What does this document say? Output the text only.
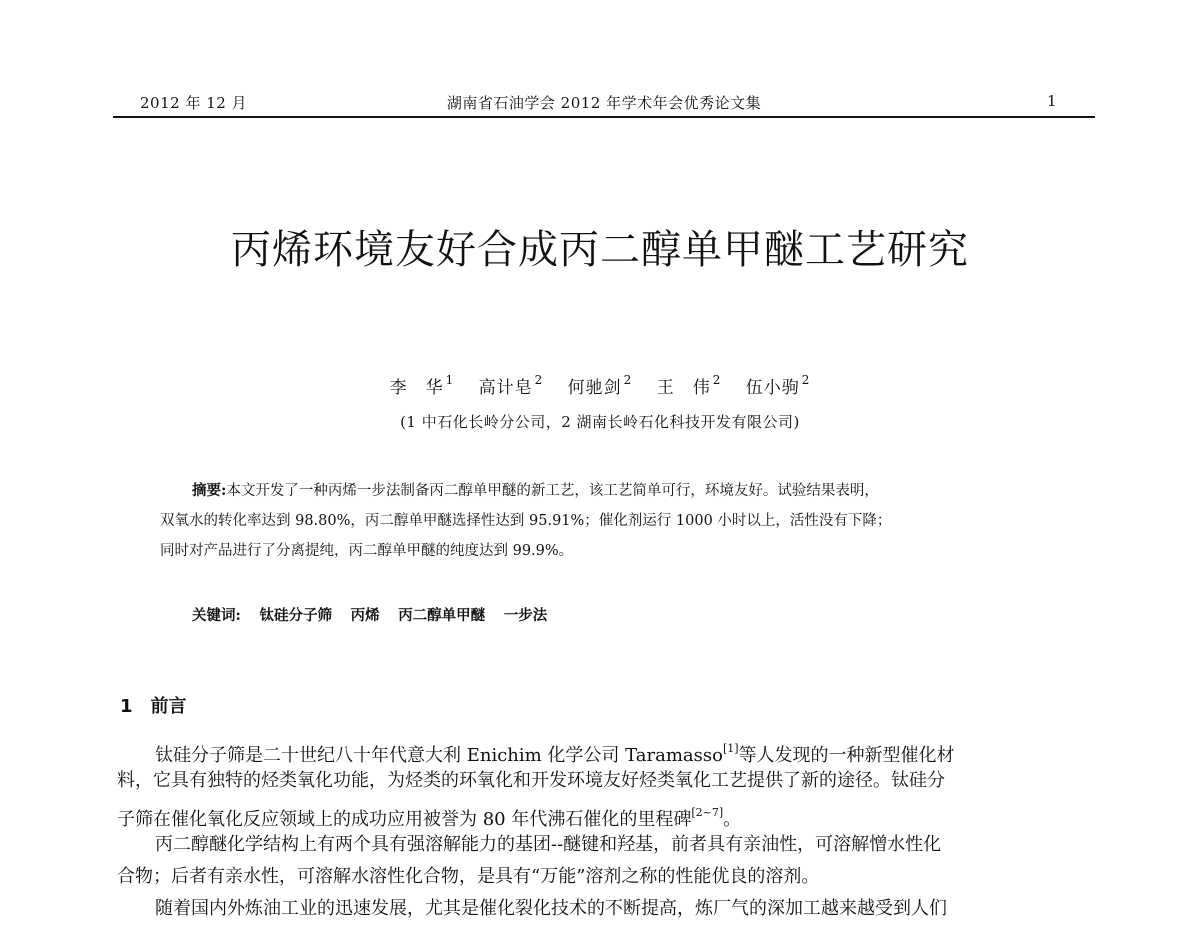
2012 年 12 月	湖南省石油学会 2012 年学术年会优秀论文集	1
丙烯环境友好合成丙二醇单甲醚工艺研究
李　华 $^1$ 高计皂 $^2$ 何驰剑 $^2$ 王　伟 $^2$ 伍小驹 $^2$
(1 中石化长岭分公司，2 湖南长岭石化科技开发有限公司)
摘要:本文开发了一种丙烯一步法制备丙二醇单甲醚的新工艺，该工艺简单可行，环境友好。试验结果表明，
双氧水的转化率达到 98.80%，丙二醇单甲醚选择性达到 95.91%；催化剂运行 1000 小时以上，活性没有下降；
同时对产品进行了分离提纯，丙二醇单甲醚的纯度达到 99.9%。
关键词: 钛硅分子筛 丙烯 丙二醇单甲醚 一步法
1 前言
钛硅分子筛是二十世纪八十年代意大利 Enichim 化学公司 Taramasso[1]等人发现的一种新型催化材
料，它具有独特的烃类氧化功能，为烃类的环氧化和开发环境友好烃类氧化工艺提供了新的途径。钛硅分
子筛在催化氧化反应领域上的成功应用被誉为 80 年代沸石催化的里程碑[2~7]。
丙二醇醚化学结构上有两个具有强溶解能力的基团--醚键和羟基，前者具有亲油性，可溶解憎水性化
合物；后者有亲水性，可溶解水溶性化合物，是具有“万能”溶剂之称的性能优良的溶剂。
随着国内外炼油工业的迅速发展，尤其是催化裂化技术的不断提高，炼厂气的深加工越来越受到人们
